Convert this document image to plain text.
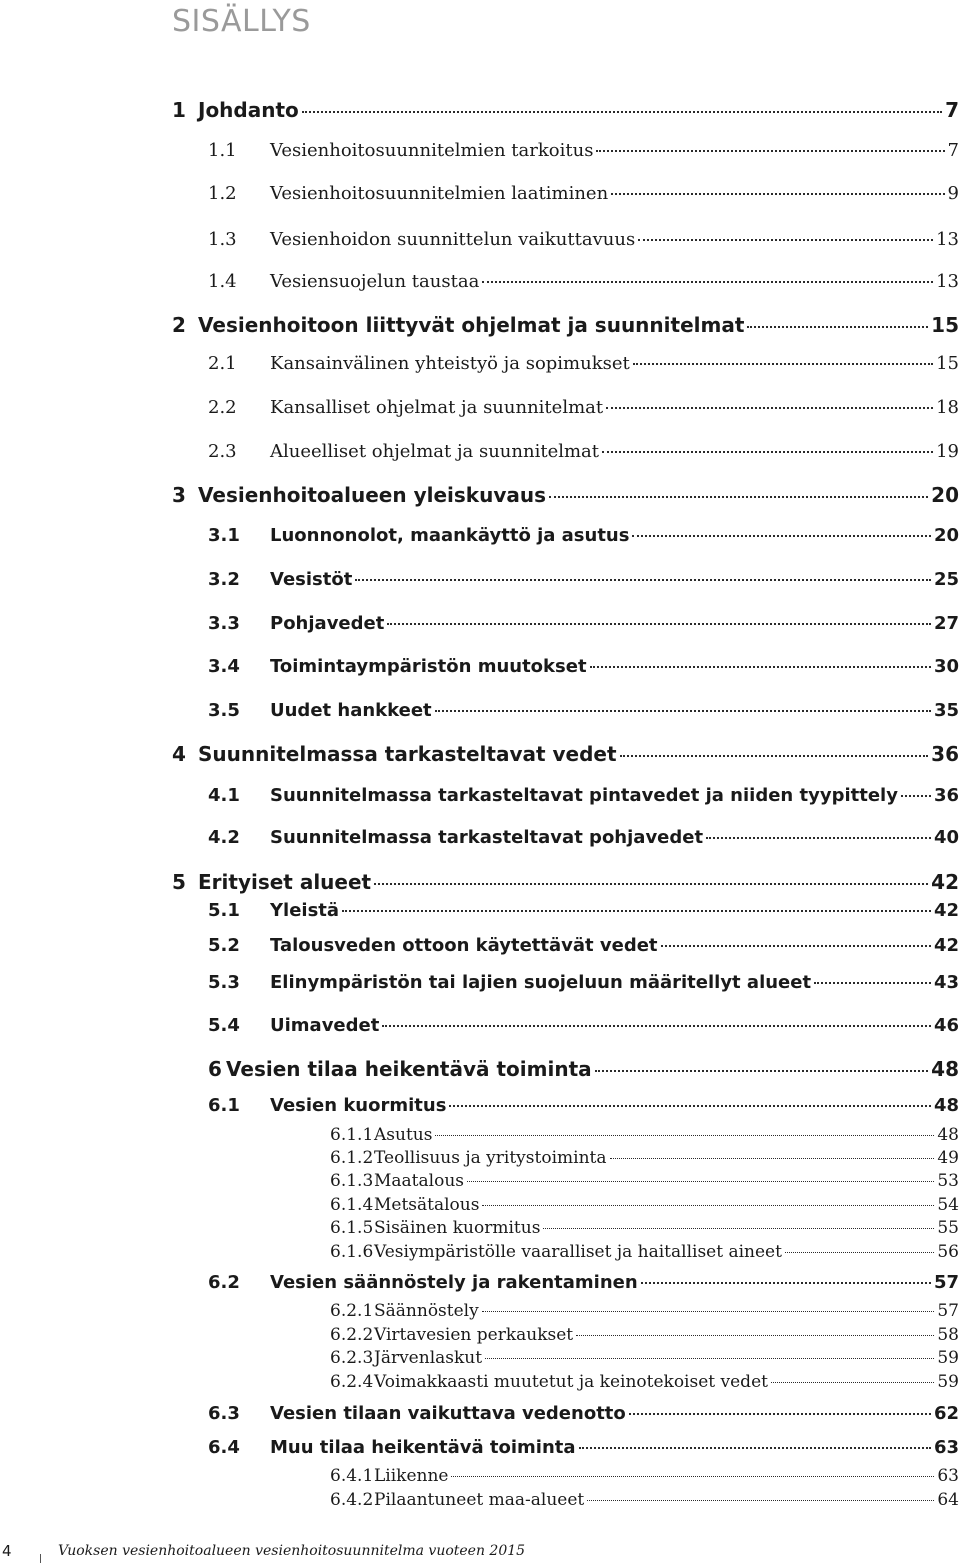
SISÄLLYS
1 Johdanto	7
1.1	Vesienhoitosuunnitelmien tarkoitus	7
1.2	Vesienhoitosuunnitelmien laatiminen	9
1.3	Vesienhoidon suunnittelun vaikuttavuus	13
1.4	Vesiensuojelun taustaa	13
2 Vesienhoitoon liittyvät ohjelmat ja suunnitelmat	15
2.1	Kansainvälinen yhteistyö ja sopimukset	15
2.2	Kansalliset ohjelmat ja suunnitelmat	18
2.3	Alueelliset ohjelmat ja suunnitelmat	19
3 Vesienhoitoalueen yleiskuvaus	20
3.1	Luonnonolot, maankäyttö ja asutus	20
3.2	Vesistöt	25
3.3	Pohjavedet	27
3.4	Toimintaympäristön muutokset	30
3.5	Uudet hankkeet	35
4 Suunnitelmassa tarkasteltavat vedet	36
4.1	Suunnitelmassa tarkasteltavat pintavedet ja niiden tyypittely 36
4.2	Suunnitelmassa tarkasteltavat pohjavedet	40
5 Erityiset alueet	42
5.1	Yleistä	42
5.2	Talousveden ottoon käytettävät vedet	42
5.3	Elinympäristön tai lajien suojeluun määritellyt alueet	43
5.4	Uimavedet	46
6 Vesien tilaa heikentävä toiminta	48
6.1	Vesien kuormitus	48
6.1.1 Asutus	48
6.1.2 Teollisuus ja yritystoiminta	49
6.1.3 Maatalous	53
6.1.4 Metsätalous	54
6.1.5 Sisäinen kuormitus	55
6.1.6 Vesiympäristölle vaaralliset ja haitalliset aineet	56
6.2	Vesien säännöstely ja rakentaminen	57
6.2.1 Säännöstely	57
6.2.2 Virtavesien perkaukset	58
6.2.3 Järvenlaskut	59
6.2.4 Voimakkaasti muutetut ja keinotekoiset vedet	59
6.3	Vesien tilaan vaikuttava vedenotto	62
6.4	Muu tilaa heikentävä toiminta	63
6.4.1 Liikenne	63
6.4.2 Pilaantuneet maa-alueet	64
4	Vuoksen vesienhoitoalueen vesienhoitosuunnitelma vuoteen 2015
